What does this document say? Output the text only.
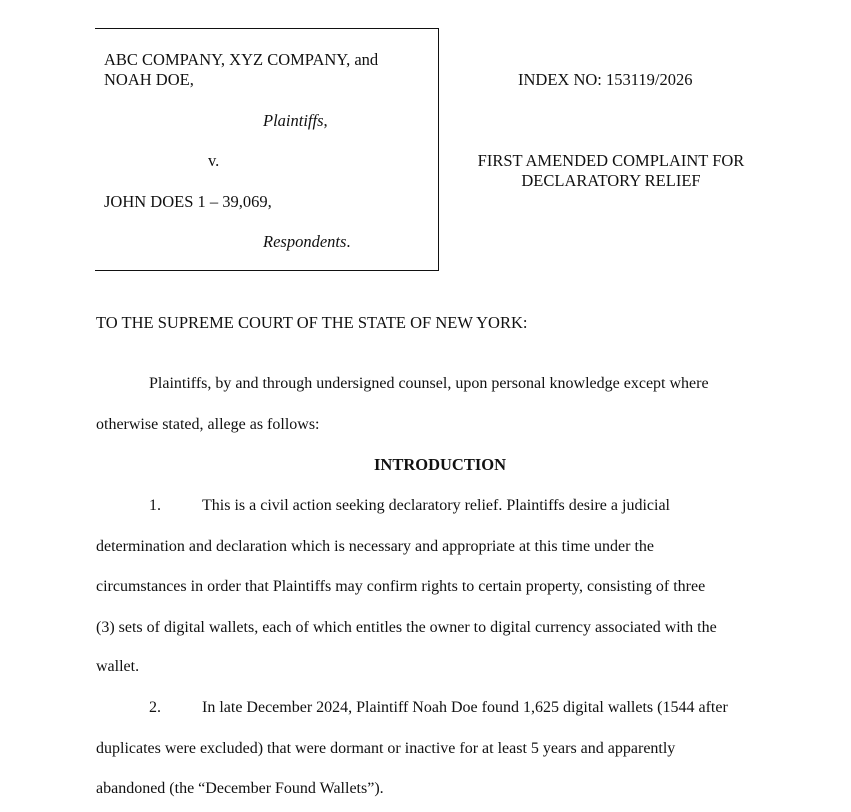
ABC COMPANY, XYZ COMPANY, and
NOAH DOE,
Plaintiffs,
v.
JOHN DOES 1 – 39,069,
Respondents.
INDEX NO: 153119/2026
FIRST AMENDED COMPLAINT FOR
DECLARATORY RELIEF
TO THE SUPREME COURT OF THE STATE OF NEW YORK:
Plaintiffs, by and through undersigned counsel, upon personal knowledge except where
otherwise stated, allege as follows:
INTRODUCTION
1.	This is a civil action seeking declaratory relief. Plaintiffs desire a judicial
determination and declaration which is necessary and appropriate at this time under the
circumstances in order that Plaintiffs may confirm rights to certain property, consisting of three
(3) sets of digital wallets, each of which entitles the owner to digital currency associated with the
wallet.
2.	In late December 2024, Plaintiff Noah Doe found 1,625 digital wallets (1544 after
duplicates were excluded) that were dormant or inactive for at least 5 years and apparently
abandoned (the “December Found Wallets”).
